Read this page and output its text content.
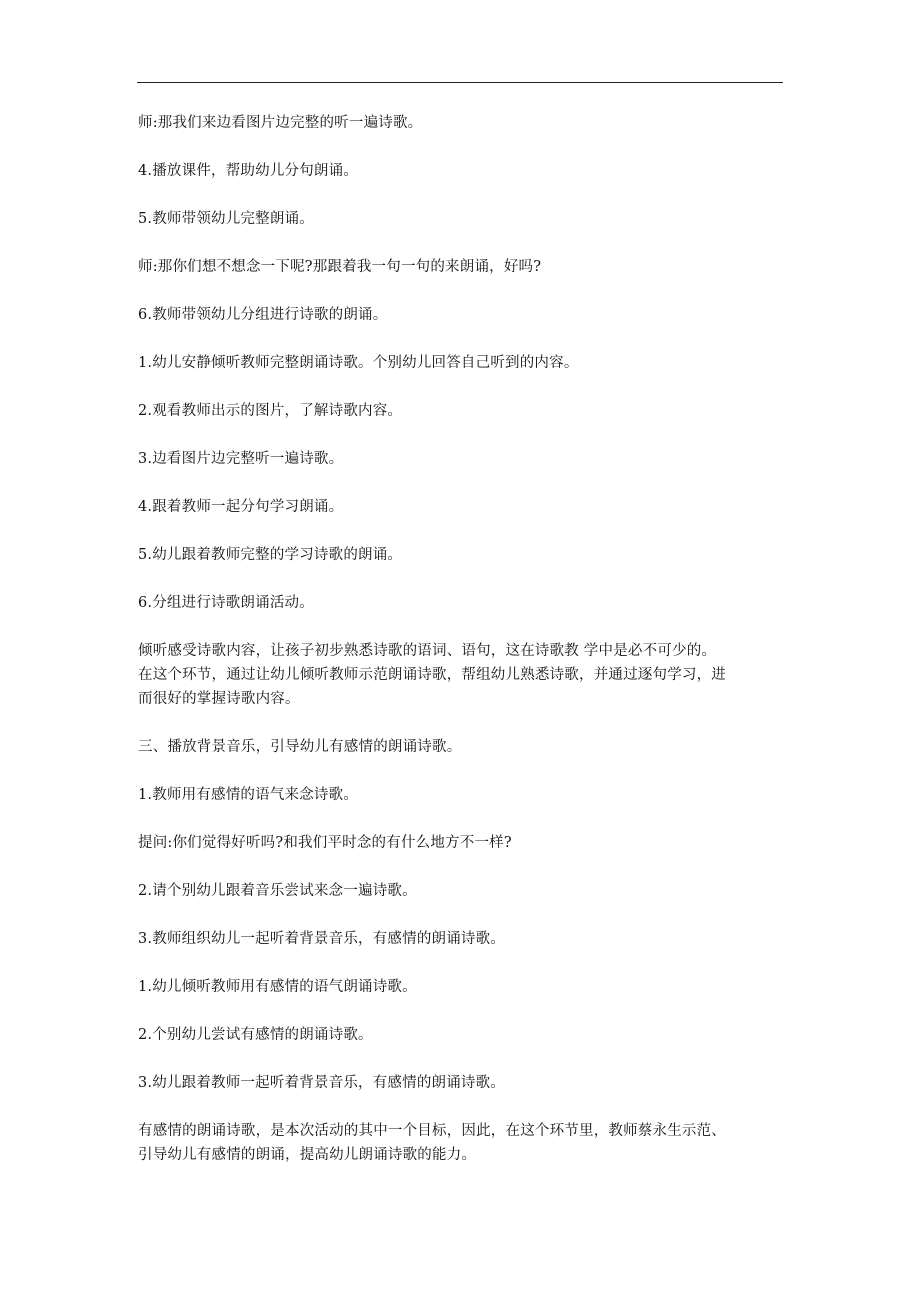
师:那我们来边看图片边完整的听一遍诗歌。

4.播放课件，帮助幼儿分句朗诵。

5.教师带领幼儿完整朗诵。

师:那你们想不想念一下呢?那跟着我一句一句的来朗诵，好吗?

6.教师带领幼儿分组进行诗歌的朗诵。

1.幼儿安静倾听教师完整朗诵诗歌。个别幼儿回答自己听到的内容。

2.观看教师出示的图片，了解诗歌内容。

3.边看图片边完整听一遍诗歌。

4.跟着教师一起分句学习朗诵。

5.幼儿跟着教师完整的学习诗歌的朗诵。

6.分组进行诗歌朗诵活动。

倾听感受诗歌内容，让孩子初步熟悉诗歌的语词、语句，这在诗歌教 学中是必不可少的。
在这个环节，通过让幼儿倾听教师示范朗诵诗歌，帮组幼儿熟悉诗歌，并通过逐句学习，进
而很好的掌握诗歌内容。

三、播放背景音乐，引导幼儿有感情的朗诵诗歌。

1.教师用有感情的语气来念诗歌。

提问:你们觉得好听吗?和我们平时念的有什么地方不一样?

2.请个别幼儿跟着音乐尝试来念一遍诗歌。

3.教师组织幼儿一起听着背景音乐，有感情的朗诵诗歌。

1.幼儿倾听教师用有感情的语气朗诵诗歌。

2.个别幼儿尝试有感情的朗诵诗歌。

3.幼儿跟着教师一起听着背景音乐，有感情的朗诵诗歌。

有感情的朗诵诗歌，是本次活动的其中一个目标，因此，在这个环节里，教师蔡永生示范、
引导幼儿有感情的朗诵，提高幼儿朗诵诗歌的能力。
